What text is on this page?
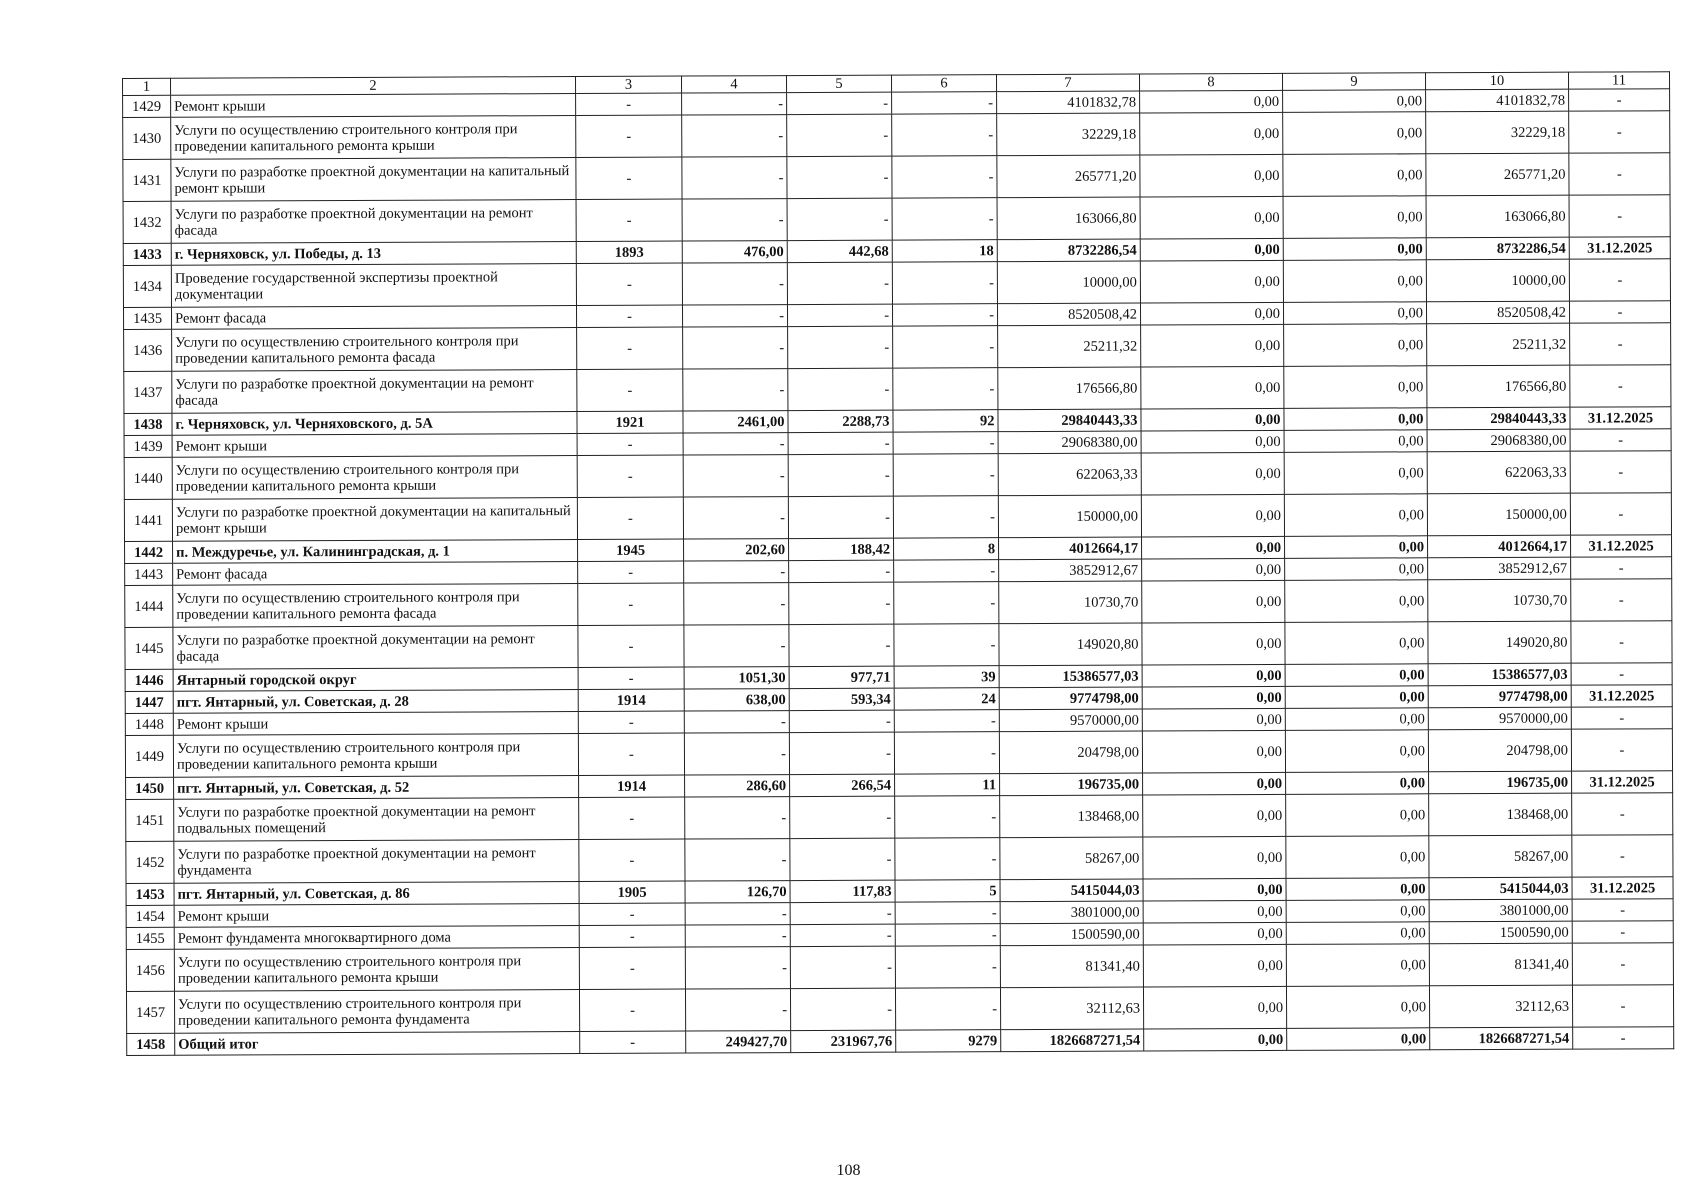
1	2	3	4	5	6	7	8	9	10	11
1429	Ремонт крыши	-	-	-	-	4101832,78	0,00	0,00	4101832,78	-
1430	Услуги по осуществлению строительного контроля при проведении капитального ремонта крыши	-	-	-	-	32229,18	0,00	0,00	32229,18	-
1431	Услуги по разработке проектной документации на капитальный ремонт крыши	-	-	-	-	265771,20	0,00	0,00	265771,20	-
1432	Услуги по разработке проектной документации на ремонт фасада	-	-	-	-	163066,80	0,00	0,00	163066,80	-
1433	г. Черняховск, ул. Победы, д. 13	1893	476,00	442,68	18	8732286,54	0,00	0,00	8732286,54	31.12.2025
1434	Проведение государственной экспертизы проектной документации	-	-	-	-	10000,00	0,00	0,00	10000,00	-
1435	Ремонт фасада	-	-	-	-	8520508,42	0,00	0,00	8520508,42	-
1436	Услуги по осуществлению строительного контроля при проведении капитального ремонта фасада	-	-	-	-	25211,32	0,00	0,00	25211,32	-
1437	Услуги по разработке проектной документации на ремонт фасада	-	-	-	-	176566,80	0,00	0,00	176566,80	-
1438	г. Черняховск, ул. Черняховского, д. 5А	1921	2461,00	2288,73	92	29840443,33	0,00	0,00	29840443,33	31.12.2025
1439	Ремонт крыши	-	-	-	-	29068380,00	0,00	0,00	29068380,00	-
1440	Услуги по осуществлению строительного контроля при проведении капитального ремонта крыши	-	-	-	-	622063,33	0,00	0,00	622063,33	-
1441	Услуги по разработке проектной документации на капитальный ремонт крыши	-	-	-	-	150000,00	0,00	0,00	150000,00	-
1442	п. Междуречье, ул. Калининградская, д. 1	1945	202,60	188,42	8	4012664,17	0,00	0,00	4012664,17	31.12.2025
1443	Ремонт фасада	-	-	-	-	3852912,67	0,00	0,00	3852912,67	-
1444	Услуги по осуществлению строительного контроля при проведении капитального ремонта фасада	-	-	-	-	10730,70	0,00	0,00	10730,70	-
1445	Услуги по разработке проектной документации на ремонт фасада	-	-	-	-	149020,80	0,00	0,00	149020,80	-
1446	Янтарный городской округ	-	1051,30	977,71	39	15386577,03	0,00	0,00	15386577,03	-
1447	пгт. Янтарный, ул. Советская, д. 28	1914	638,00	593,34	24	9774798,00	0,00	0,00	9774798,00	31.12.2025
1448	Ремонт крыши	-	-	-	-	9570000,00	0,00	0,00	9570000,00	-
1449	Услуги по осуществлению строительного контроля при проведении капитального ремонта крыши	-	-	-	-	204798,00	0,00	0,00	204798,00	-
1450	пгт. Янтарный, ул. Советская, д. 52	1914	286,60	266,54	11	196735,00	0,00	0,00	196735,00	31.12.2025
1451	Услуги по разработке проектной документации на ремонт подвальных помещений	-	-	-	-	138468,00	0,00	0,00	138468,00	-
1452	Услуги по разработке проектной документации на ремонт фундамента	-	-	-	-	58267,00	0,00	0,00	58267,00	-
1453	пгт. Янтарный, ул. Советская, д. 86	1905	126,70	117,83	5	5415044,03	0,00	0,00	5415044,03	31.12.2025
1454	Ремонт крыши	-	-	-	-	3801000,00	0,00	0,00	3801000,00	-
1455	Ремонт фундамента многоквартирного дома	-	-	-	-	1500590,00	0,00	0,00	1500590,00	-
1456	Услуги по осуществлению строительного контроля при проведении капитального ремонта крыши	-	-	-	-	81341,40	0,00	0,00	81341,40	-
1457	Услуги по осуществлению строительного контроля при проведении капитального ремонта фундамента	-	-	-	-	32112,63	0,00	0,00	32112,63	-
1458	Общий итог	-	249427,70	231967,76	9279	1826687271,54	0,00	0,00	1826687271,54	-
108
